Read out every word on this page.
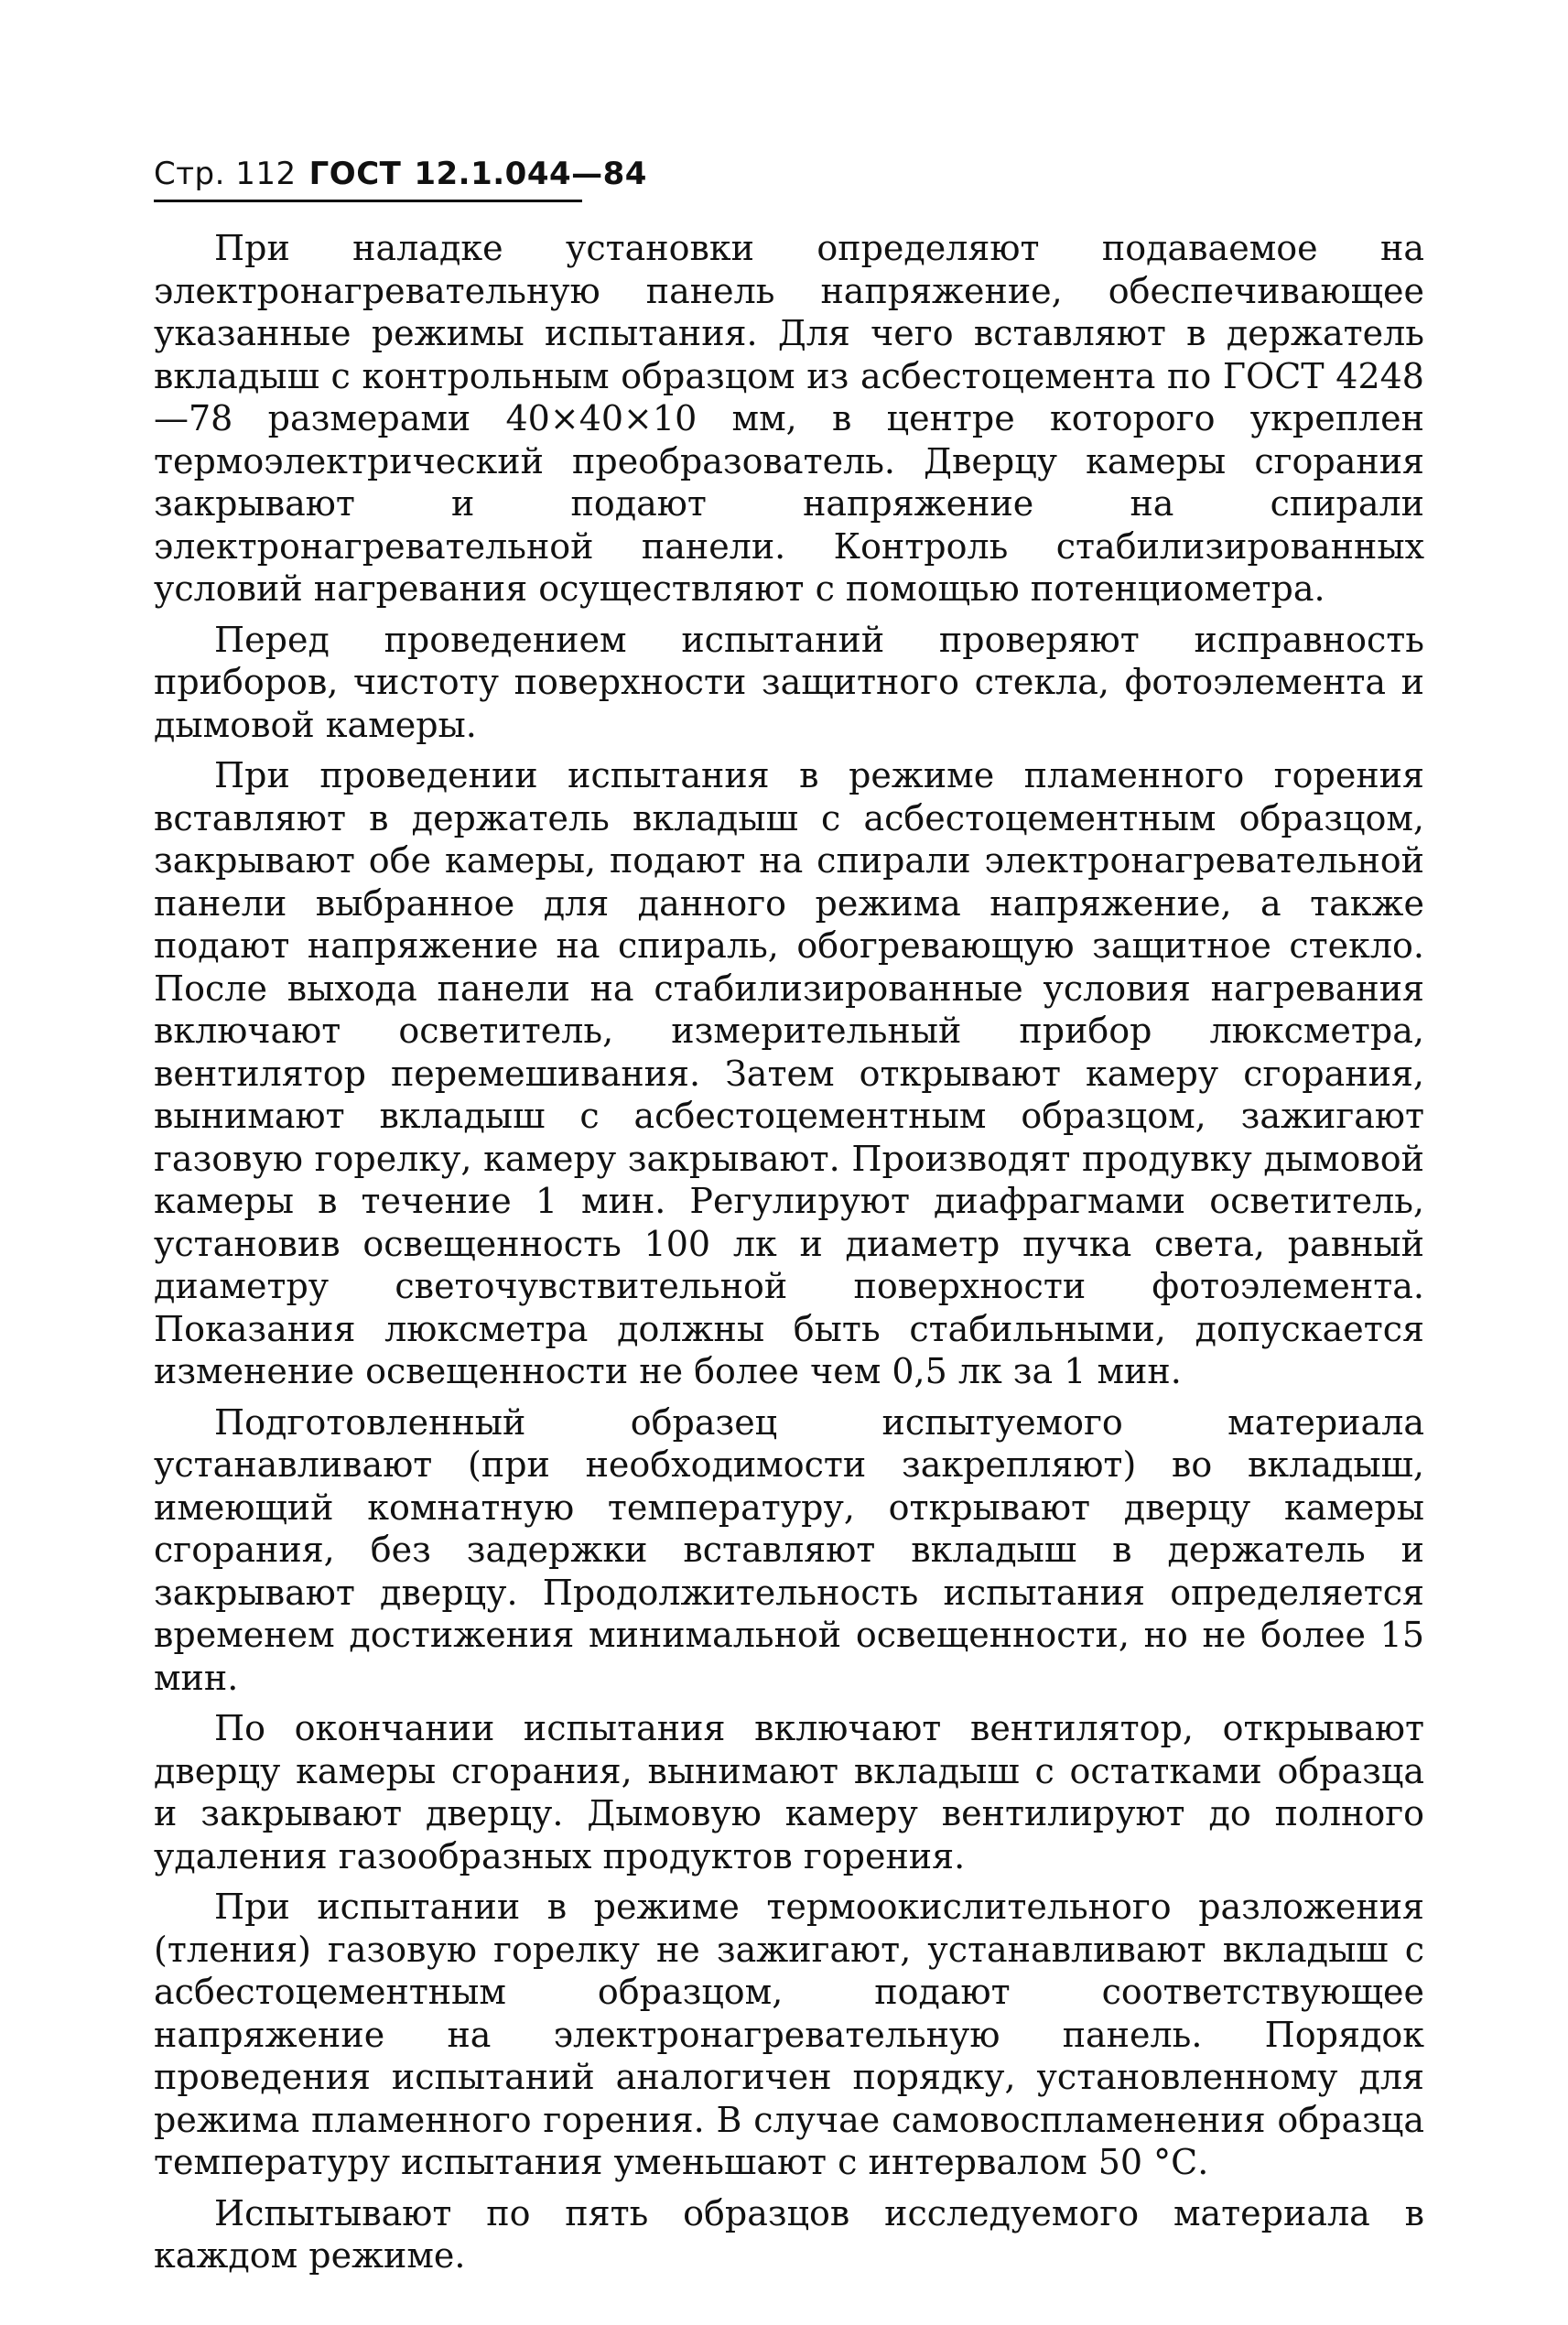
Стр. 112 ГОСТ 12.1.044—84

При наладке установки определяют подаваемое на электронагревательную панель напряжение, обеспечивающее указанные режимы испытания. Для чего вставляют в держатель вкладыш с контрольным образцом из асбестоцемента по ГОСТ 4248—78 размерами 40×40×10 мм, в центре которого укреплен термоэлектрический преобразователь. Дверцу камеры сгорания закрывают и подают напряжение на спирали электронагревательной панели. Контроль стабилизированных условий нагревания осуществляют с помощью потенциометра.

Перед проведением испытаний проверяют исправность приборов, чистоту поверхности защитного стекла, фотоэлемента и дымовой камеры.

При проведении испытания в режиме пламенного горения вставляют в держатель вкладыш с асбестоцементным образцом, закрывают обе камеры, подают на спирали электронагревательной панели выбранное для данного режима напряжение, а также подают напряжение на спираль, обогревающую защитное стекло. После выхода панели на стабилизированные условия нагревания включают осветитель, измерительный прибор люксметра, вентилятор перемешивания. Затем открывают камеру сгорания, вынимают вкладыш с асбестоцементным образцом, зажигают газовую горелку, камеру закрывают. Производят продувку дымовой камеры в течение 1 мин. Регулируют диафрагмами осветитель, установив освещенность 100 лк и диаметр пучка света, равный диаметру светочувствительной поверхности фотоэлемента. Показания люксметра должны быть стабильными, допускается изменение освещенности не более чем 0,5 лк за 1 мин.

Подготовленный образец испытуемого материала устанавливают (при необходимости закрепляют) во вкладыш, имеющий комнатную температуру, открывают дверцу камеры сгорания, без задержки вставляют вкладыш в держатель и закрывают дверцу. Продолжительность испытания определяется временем достижения минимальной освещенности, но не более 15 мин.

По окончании испытания включают вентилятор, открывают дверцу камеры сгорания, вынимают вкладыш с остатками образца и закрывают дверцу. Дымовую камеру вентилируют до полного удаления газообразных продуктов горения.

При испытании в режиме термоокислительного разложения (тления) газовую горелку не зажигают, устанавливают вкладыш с асбестоцементным образцом, подают соответствующее напряжение на электронагревательную панель. Порядок проведения испытаний аналогичен порядку, установленному для режима пламенного горения. В случае самовоспламенения образца температуру испытания уменьшают с интервалом 50 °С.

Испытывают по пять образцов исследуемого материала в каждом режиме.
